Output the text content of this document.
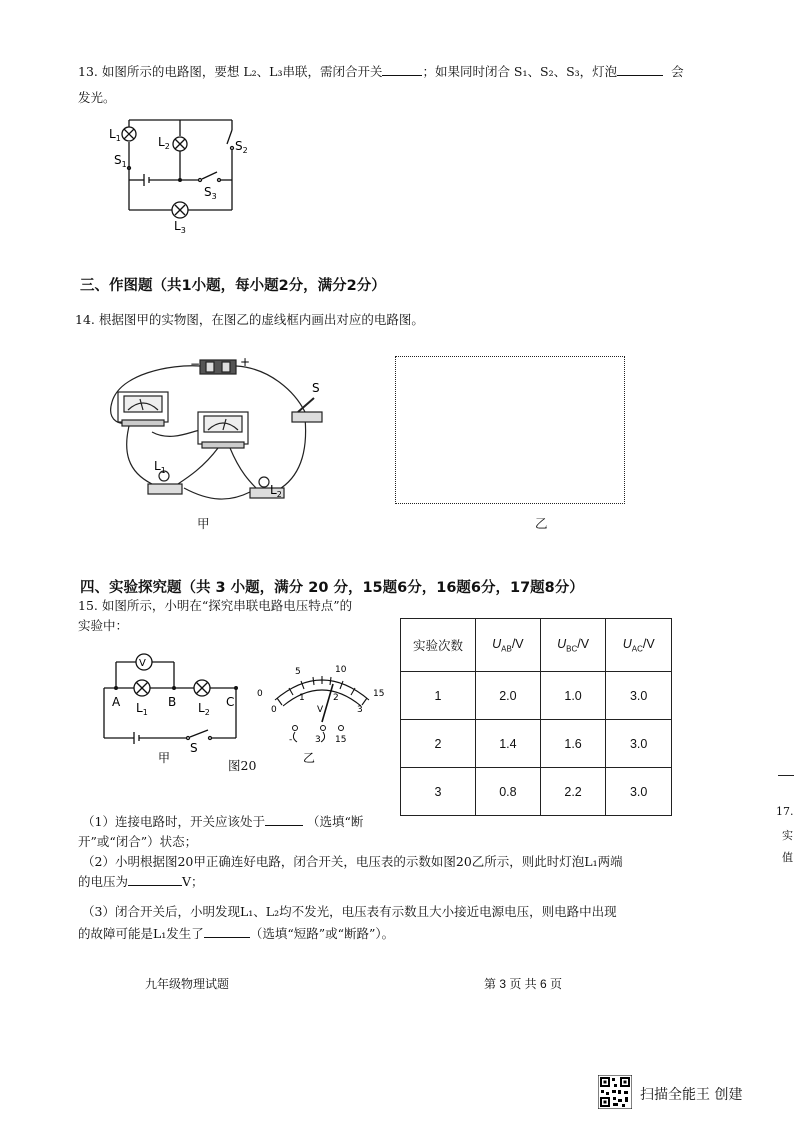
13. 如图所示的电路图，要想 L₂、L₃串联，需闭合开关	；如果同时闭合 S₁、S₂、S₃，灯泡	会
发光。
$L_1$	$L_2$	$S_2$
$S_1$
$S_3$
$L_3$
三、作图题（共1小题，每小题2分，满分2分）
14. 根据图甲的实物图，在图乙的虚线框内画出对应的电路图。
−	+
S
$L_1$
$L_2$
甲	乙
四、实验探究题（共 3 小题，满分 20 分，15题6分，16题6分，17题8分）
15. 如图所示，小明在“探究串联电路电压特点”的
实验中：
V
A	B	C
$L_1$	$L_2$
S
甲	图20
5	10
0	15
0
1	2
3
V
-	3 15
乙
实验次数	$U_{AB}/V$	$U_{BC}/V$	$U_{AC}/V$
1	2.0	1.0	3.0
2	1.4	1.6	3.0
3	0.8	2.2	3.0
（1）连接电路时，开关应该处于	（选填“断
开”或“闭合”）状态；
（2）小明根据图20甲正确连好电路，闭合开关，电压表的示数如图20乙所示，则此时灯泡L₁两端
的电压为	V；
（3）闭合开关后，小明发现L₁、L₂均不发光，电压表有示数且大小接近电源电压，则电路中出现
的故障可能是L₁发生了	（选填“短路”或“断路”）。
九年级物理试题	第 3 页 共 6 页
17.
实
值
扫描全能王 创建
